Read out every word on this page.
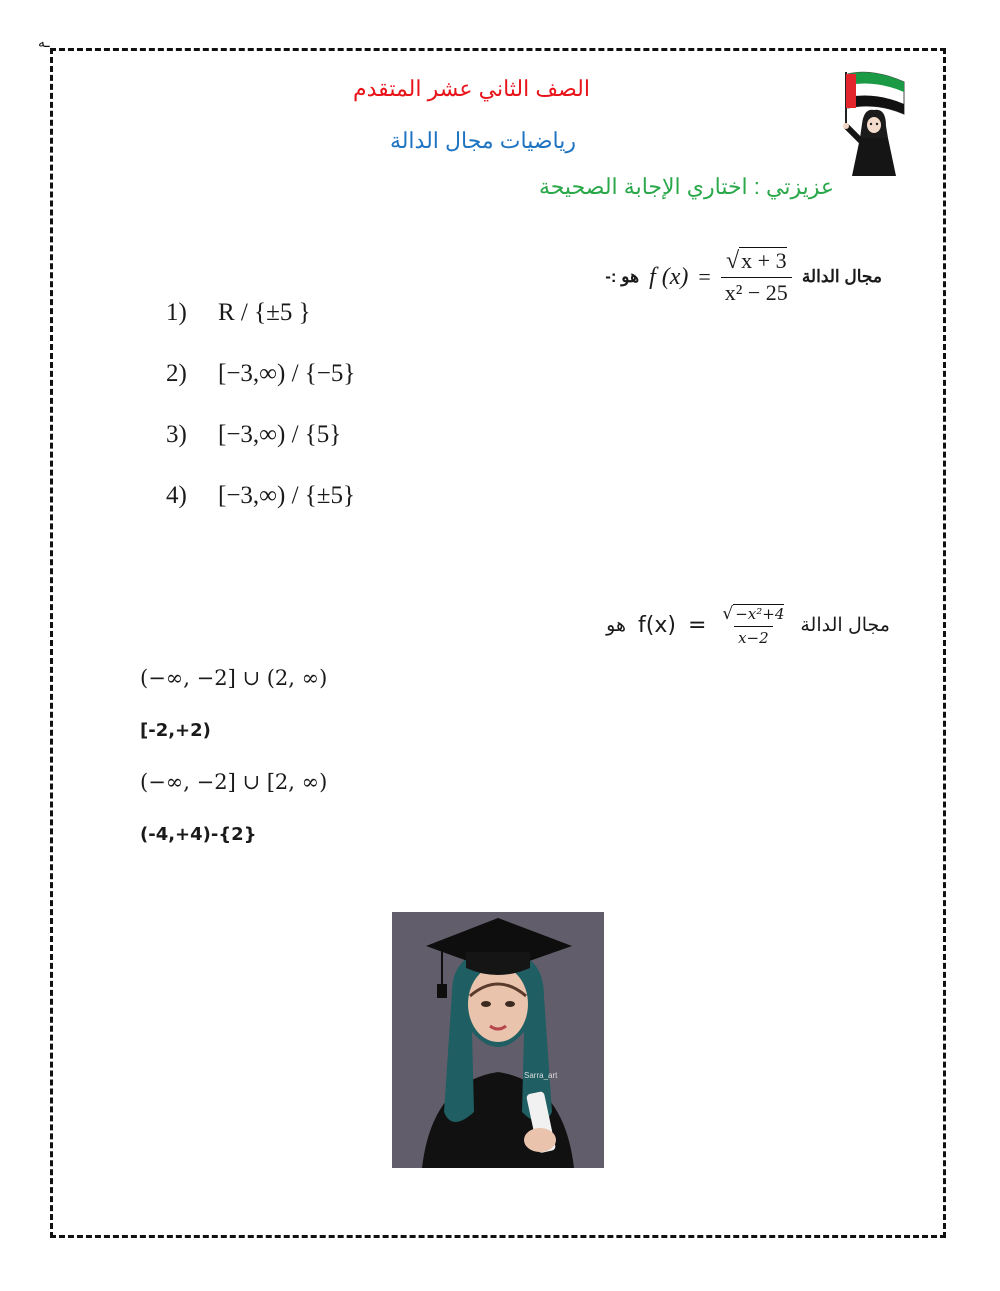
ـه
الصف الثاني عشر المتقدم
رياضيات مجال الدالة
عزيزتي : اختاري الإجابة الصحيحة
مجال الدالة
$\frac{√x + 3}{\text{x² − 25}}$
=
f (x)
هو :-
1)	R / {±5 }
2)	[−3,∞) / {−5}
3)	[−3,∞) / {5}
4)	[−3,∞) / {±5}
مجال الدالة
$\frac{\text{√ −x²+4}}{x-2}$
=
f(x)
هو
(−∞, −2] ∪ (2, ∞)
[-2,+2)
(−∞, −2] ∪ [2, ∞)
(-4,+4)-{2}
Sarra_art
